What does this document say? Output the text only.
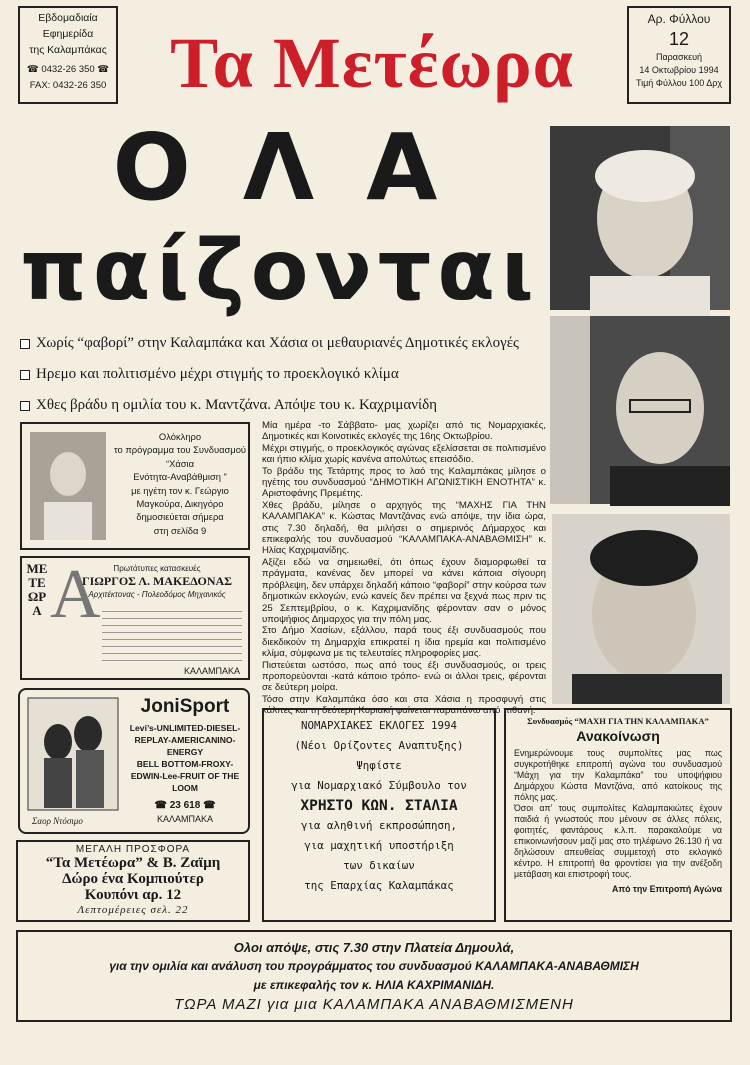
Εβδομαδιαία
Εφημερίδα
της Καλαμπάκας
☎ 0432-26 350 ☎
FAX: 0432-26 350 Τα Μετέωρα
Αρ. Φύλλου
12
Παρασκευή
14 Οκτωβρίου 1994
Τιμή Φύλλου 100 Δρχ
Ο Λ Α
παίζονται
Χωρίς “φαβορί” στην Καλαμπάκα και Χάσια οι μεθαυριανές Δημοτικές εκλογές
Ηρεμο και πολιτισμένο μέχρι στιγμής το προεκλογικό κλίμα
Χθες βράδυ η ομιλία του κ. Μαντζάνα. Απόψε του κ. Καχριμανίδη
Ολόκληρο
το πρόγραμμα του Συνδυασμού
“Χάσια
Ενότητα-Αναβάθμιση ”
με ηγέτη τον κ. Γεώργιο
Μαγκούρα, Δικηγόρο
δημοσιεύεται σήμερα
στη σελίδα 9

Μία ημέρα -το Σάββατο- μας χωρίζει από τις Νομαρχιακές, Δημοτικές και Κοινοτικές εκλογές της 16ης Οκτωβρίου.

Μέχρι στιγμής, ο προεκλογικός αγώνας εξελίσσεται σε πολιτισμένο και ήπιο κλίμα χωρίς κανένα απολύτως επεισόδιο.

Το βράδυ της Τετάρτης προς το λαό της Καλαμπάκας μίλησε ο ηγέτης του συνδυασμού “ΔΗΜΟΤΙΚΗ ΑΓΩΝΙΣΤΙΚΗ ΕΝΟΤΗΤΑ” κ. Αριστοφάνης Πρεμέτης.

Χθες βράδυ, μίλησε ο αρχηγός της “ΜΑΧΗΣ ΓΙΑ ΤΗΝ ΚΑΛΑΜΠΑΚΑ” κ. Κώστας Μαντζάνας ενώ απόψε, την ίδια ώρα, στις 7.30 δηλαδή, θα μιλήσει ο σημερινός Δήμαρχος και επικεφαλής του συνδυασμού “ΚΑΛΑΜΠΑΚΑ-ΑΝΑΒΑΘΜΙΣΗ” κ. Ηλίας Καχριμανίδης.

Αξίζει εδώ να σημειωθεί, ότι όπως έχουν διαμορφωθεί τα πράγματα, κανένας δεν μπορεί να κάνει κάποια σίγουρη πρόβλεψη, δεν υπάρχει δηλαδή κάποιο “φαβορί” στην κούρσα των δημοτικών εκλογών, ενώ κανείς δεν πρέπει να ξεχνά πως πριν τις 25 Σεπτεμβρίου, ο κ. Καχριμανίδης φέρονταν σαν ο μόνος υποψήφιος Δημαρχος για την πόλη μας.

Στο Δήμο Χασίων, εξάλλου, παρά τους έξι συνδυασμούς που διεκδικούν τη Δημαρχία επικρατεί η ίδια ηρεμία και πολιτισμένο κλίμα, σύμφωνα με τις τελευταίες πληροφορίες μας.

Πιστεύεται ωστόσο, πως από τους έξι συνδυασμούς, οι τρεις προπορεύονται -κατά κάποιο τρόπο- ενώ οι άλλοι τρεις, φέρονται σε δεύτερη μοίρα.

Τόσο στην Καλαμπάκα όσο και στα Χάσια η προσφυγή στις κάλπες και τη δεύτερη Κυριακή φαίνεται παραπάνω από πιθανή.

ΜΕΤΕΩΡΑ Α	Πρωτότυπες κατασκευές
ΓΙΩΡΓΟΣ Λ. ΜΑΚΕΔΟΝΑΣ
Αρχιτέκτονας - Πολεοδόμος Μηχανικός
ΚΑΛΑΜΠΑΚΑ
Σαορ Ντόσιμο
JoniSport
Levi’s-UNLIMITED-DIESEL-
REPLAY-AMERICANINO-
ENERGY
BELL BOTTOM-FROXY-
EDWIN-Lee-FRUIT OF THE
LOOM
☎ 23 618 ☎
ΚΑΛΑΜΠΑΚΑ
ΜΕΓΑΛΗ ΠΡΟΣΦΟΡΑ
“Τα Μετέωρα” & Β. Ζαϊμη
Δώρο ένα Κομπιούτερ
Κουπόνι αρ. 12
Λεπτομέρειες σελ. 22
ΝΟΜΑΡΧΙΑΚΕΣ ΕΚΛΟΓΕΣ 1994
(Νέοι Ορίζοντες Αναπτυξης)
Ψηφίστε
για Νομαρχιακό Σύμβουλο τον
ΧΡΗΣΤΟ ΚΩΝ. ΣΤΑΛΙΑ
για αληθινή εκπροσώπηση,
για μαχητική υποστήριξη
των δικαίων
της Επαρχίας Καλαμπάκας
Συνδυασμός “ΜΑΧΗ ΓΙΑ ΤΗΝ ΚΑΛΑΜΠΑΚΑ”
Ανακοίνωση
Ενημερώνουμε τους συμπολίτες μας πως συγκροτήθηκε επιτροπή αγώνα του συνδυασμού “Μάχη για την Καλαμπάκα” του υποψήφιου Δημάρχου Κώστα Μαντζάνα, από κατοίκους της πόλης μας.
Όσοι απ’ τους συμπολίτες Καλαμπακιώτες έχουν παιδιά ή γνωστούς που μένουν σε άλλες πόλεις, φοιτητές, φαντάρους κ.λ.π. παρακαλούμε να επικοινωνήσουν μαζί μας στο τηλέφωνο 26.130 ή να δηλώσουν απευθείας συμμετοχή στο εκλογικό κέντρο. Η επιτροπή θα φροντίσει για την ανέξοδη μετάβαση και επιστροφή τους.
Από την Επιτροπή Αγώνα
Ολοι απόψε, στις 7.30 στην Πλατεία Δημουλά,
για την ομιλία και ανάλυση του προγράμματος του συνδυασμού ΚΑΛΑΜΠΑΚΑ-ΑΝΑΒΑΘΜΙΣΗ
με επικεφαλής τον κ. ΗΛΙΑ ΚΑΧΡΙΜΑΝΙΔΗ.
ΤΩΡΑ ΜΑΖΙ για μια ΚΑΛΑΜΠΑΚΑ ΑΝΑΒΑΘΜΙΣΜΕΝΗ
